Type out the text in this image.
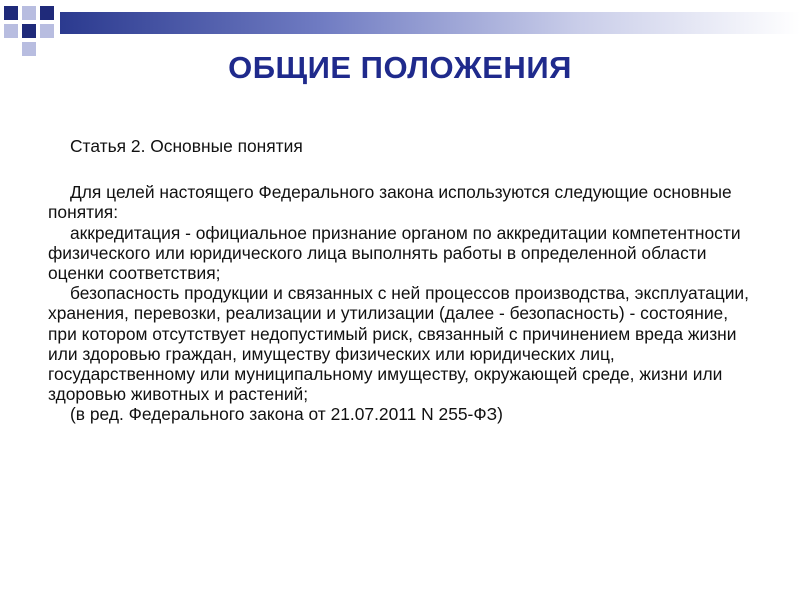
ОБЩИЕ ПОЛОЖЕНИЯ

Статья 2. Основные понятия

Для целей настоящего Федерального закона используются следующие основные понятия:

аккредитация - официальное признание органом по аккредитации компетентности физического или юридического лица выполнять работы в определенной области оценки соответствия;

безопасность продукции и связанных с ней процессов производства, эксплуатации, хранения, перевозки, реализации и утилизации (далее - безопасность) - состояние, при котором отсутствует недопустимый риск, связанный с причинением вреда жизни или здоровью граждан, имуществу физических или юридических лиц, государственному или муниципальному имуществу, окружающей среде, жизни или здоровью животных и растений;

(в ред. Федерального закона от 21.07.2011 N 255-ФЗ)
